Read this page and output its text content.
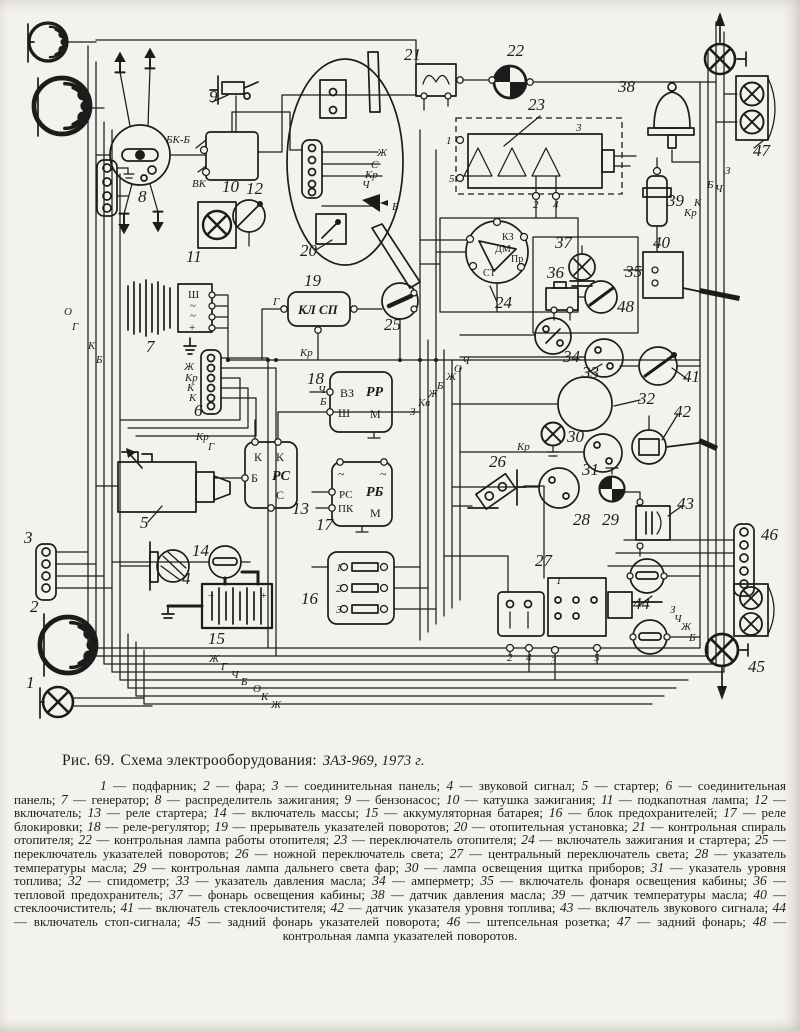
1
2
3
4
5
6
7
8
9
10
11
12
13
14
15
16
17
18
19
20
21	22
23
24
25
26
27
28 29
30
31
32
33
34
35
36
37
38
39
40
41
42
43
44
45
46
47
48
БК-Б
ВК
Ж
Кр
К
К
Кр
Г
Кр
Г
Ж
С
Кр
Ч
Б
Ч
Б
О
Г
К
Б
Ж
Г
Ч
Б
О
К
Ж
Кр
К
Б Ч
З
З
Ч
Ж
Б
З
Кв
Ж
Б
Ж
О
Ч
Кр
1
5
2 4
3
1
2
3
1
2 4 3	5
+
−
КЛ СП
ВЗ РР
Ш М
К К
Б РС
С
~	~
РС РБ
ПК М
КЗ
ДМ
Пр
СТ
Ш
~
~
+
Рис. 69. Схема электрооборудования: ЗАЗ-969, 1973 г.

1 — подфарник; 2 — фара; 3 — соединительная панель; 4 — звуковой сигнал; 5 — стартер; 6 — соединительная панель; 7 — генератор; 8 — распределитель зажигания; 9 — бензонасос; 10 — катушка зажигания; 11 — подкапотная лампа; 12 — включатель; 13 — реле стартера; 14 — включатель массы; 15 — аккумуляторная батарея; 16 — блок предохранителей; 17 — реле блокировки; 18 — реле-регулятор; 19 — прерыватель указателей поворотов; 20 — отопительная установка; 21 — контрольная спираль отопителя; 22 — контрольная лампа работы отопителя; 23 — переключатель отопителя; 24 — включатель зажигания и стартера; 25 — переключатель указателей поворотов; 26 — ножной переключатель света; 27 — центральный переключатель света; 28 — указатель температуры масла; 29 — контрольная лампа дальнего света фар; 30 — лампа освещения щитка приборов; 31 — указатель уровня топлива; 32 — спидометр; 33 — указатель давления масла; 34 — амперметр; 35 — включатель фонаря освещения кабины; 36 — тепловой предохранитель; 37 — фонарь освещения кабины; 38 — датчик давления масла; 39 — датчик температуры масла; 40 — стеклоочиститель; 41 — включатель стеклоочистителя; 42 — датчик указателя уровня топлива; 43 — включатель звукового сигнала; 44 — включатель стоп-сигнала; 45 — задний фонарь указателей поворота; 46 — штепсельная розетка; 47 — задний фонарь; 48 — контрольная лампа указателей поворотов.
